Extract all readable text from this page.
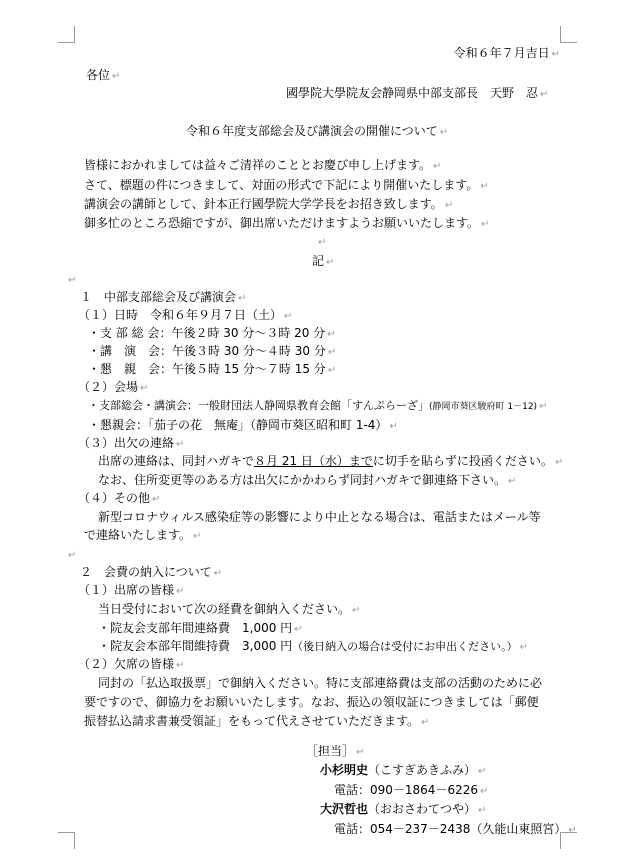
令和６年７月吉日 ↵
各位 ↵
國學院大學院友会静岡県中部支部長　天野　忍 ↵
令和６年度支部総会及び講演会の開催について ↵
皆様におかれましては益々ご清祥のこととお慶び申し上げます。 ↵
さて、標題の件につきまして、対面の形式で下記により開催いたします。 ↵
講演会の講師として、針本正行國學院大学学長をお招き致します。 ↵
御多忙のところ恐縮ですが、御出席いただけますようお願いいたします。 ↵
↵
記 ↵
↵
１　中部支部総会及び講演会 ↵
（１）日時　令和６年９月７日（土） ↵
・支 部 総 会：午後２時 30 分～３時 20 分 ↵
・講　演　会：午後３時 30 分～４時 30 分 ↵
・懇　親　会：午後５時 15 分～７時 15 分 ↵
（２）会場 ↵
・支部総会・講演会：一般財団法人静岡県教育会館「すんぷらーざ」(静岡市葵区駿府町 1－12) ↵
・懇親会：「茄子の花　無庵」（静岡市葵区昭和町 1-4） ↵
（３）出欠の連絡 ↵
出席の連絡は、同封ハガキで８月 21 日（水）までに切手を貼らずに投函ください。 ↵
なお、住所変更等のある方は出欠にかかわらず同封ハガキで御連絡下さい。 ↵
（４）その他 ↵
新型コロナウィルス感染症等の影響により中止となる場合は、電話またはメール等
で連絡いたします。 ↵
↵
２　会費の納入について ↵
（１）出席の皆様 ↵
当日受付において次の経費を御納入ください。 ↵
・院友会支部年間連絡費　1,000 円 ↵
・院友会本部年間維持費　3,000 円（後日納入の場合は受付にお申出ください。） ↵
（２）欠席の皆様 ↵
同封の「払込取扱票」で御納入ください。特に支部連絡費は支部の活動のために必
要ですので、御協力をお願いいたします。なお、振込の領収証につきましては「郵便
振替払込請求書兼受領証」をもって代えさせていただきます。 ↵
［担当］ ↵
小杉明史（こすぎあきふみ） ↵
電話：090－1864－6226 ↵
大沢哲也（おおさわてつや） ↵
電話：054－237－2438（久能山東照宮） ↵
